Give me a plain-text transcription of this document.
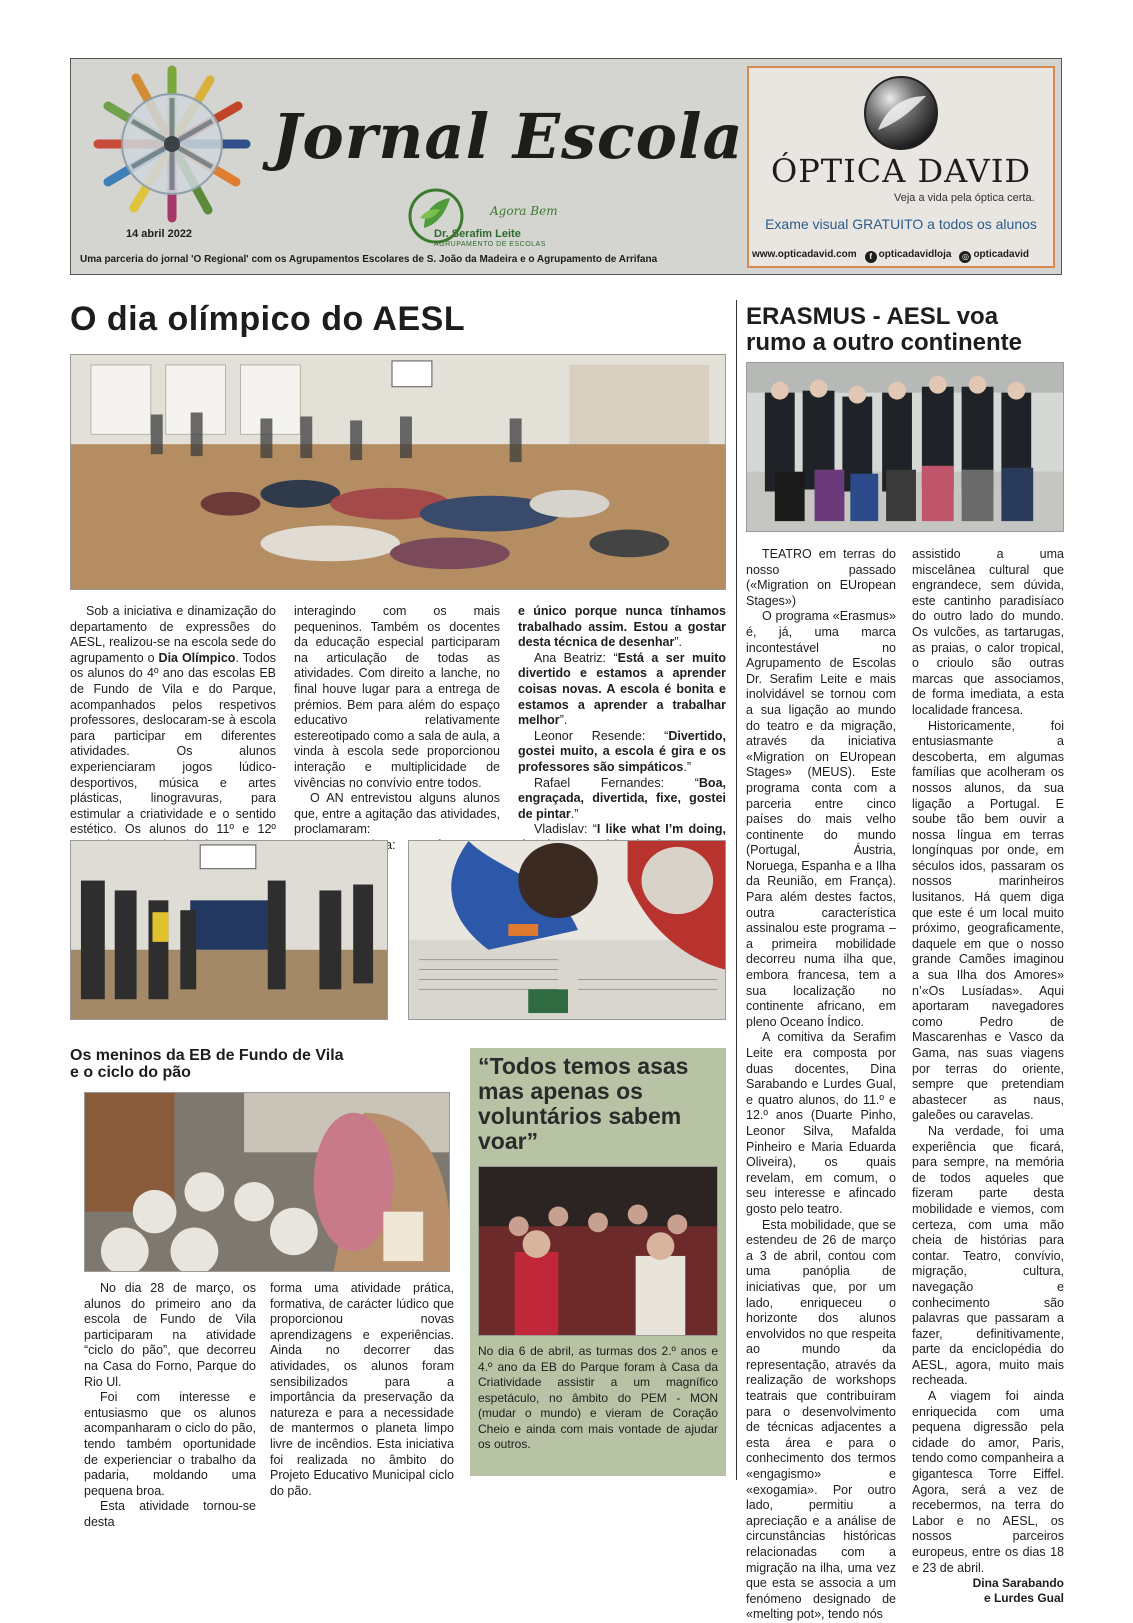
Jornal Escola
Agora Bem
Dr. Serafim Leite
AGRUPAMENTO DE ESCOLAS
14 abril 2022
Uma parceria do jornal 'O Regional' com os Agrupamentos Escolares de S. João da Madeira e o Agrupamento de Arrifana
ÓPTICA DAVID
Veja a vida pela óptica certa.
Exame visual GRATUITO a todos os alunos
www.opticadavid.com f opticadavidloja ◎ opticadavid
O dia olímpico do AESL

Sob a iniciativa e dinamização do departamento de expressões do AESL, realizou-se na escola sede do agrupamento o Dia Olímpico. Todos os alunos do 4º ano das escolas EB de Fundo de Vila e do Parque, acompanhados pelos respetivos professores, deslocaram-se à escola para participar em diferentes atividades. Os alunos experienciaram jogos lúdico-desportivos, música e artes plásticas, linogravuras, para estimular a criatividade e o sentido estético. Os alunos do 11º e 12º

interagindo com os mais pequeninos. Também os docentes da educação especial participaram na articulação de todas as atividades. Com direito a lanche, no final houve lugar para a entrega de prémios. Bem para além do espaço educativo relativamente estereotipado como a sala de aula, a vinda à escola sede proporcionou interação e multiplicidade de vivências no convívio entre todos.

O AN entrevistou alguns alunos que, entre a agitação das atividades, proclamaram:

e único porque nunca tínhamos trabalhado assim. Estou a gostar desta técnica de desenhar”.

Ana Beatriz: “Está a ser muito divertido e estamos a aprender coisas novas. A escola é bonita e estamos a aprender a trabalhar melhor”.

Leonor Resende: “Divertido, gostei muito, a escola é gira e os professores são simpáticos.”

Rafael Fernandes: “Boa, engraçada, divertida, fixe, gostei de pintar.”

Vladislav: “I like what I’m doing,

Os meninos da EB de Fundo de Vila
e o ciclo do pão

No dia 28 de março, os alunos do primeiro ano da escola de Fundo de Vila participaram na atividade “ciclo do pão”, que decorreu na Casa do Forno, Parque do Rio Ul.

Foi com interesse e entusiasmo que os alunos acompanharam o ciclo do pão, tendo também oportunidade de experienciar o trabalho da padaria, moldando uma pequena broa.

Esta atividade tornou-se desta

forma uma atividade prática, formativa, de carácter lúdico que proporcionou novas aprendizagens e experiências. Ainda no decorrer das atividades, os alunos foram sensibilizados para a importância da preservação da natureza e para a necessidade de mantermos o planeta limpo livre de incêndios. Esta iniciativa foi realizada no âmbito do Projeto Educativo Municipal ciclo do pão.

“Todos temos asas mas apenas os voluntários sabem voar”
No dia 6 de abril, as turmas dos 2.º anos e 4.º ano da EB do Parque foram à Casa da Criatividade assistir a um magnífico espetáculo, no âmbito do PEM - MON (mudar o mundo) e vieram de Coração Cheio e ainda com mais vontade de ajudar os outros.
ERASMUS - AESL voa
rumo a outro continente

TEATRO em terras do nosso passado («Migration on EUropean Stages»)

O programa «Erasmus» é, já, uma marca incontestável no Agrupamento de Escolas Dr. Serafim Leite e mais inolvidável se tornou com a sua ligação ao mundo do teatro e da migração, através da iniciativa «Migration on EUropean Stages» (MEUS). Este programa conta com a parceria entre cinco países do mais velho continente do mundo (Portugal, Áustria, Noruega, Espanha e a Ilha da Reunião, em França). Para além destes factos, outra característica assinalou este programa – a primeira mobilidade decorreu numa ilha que, embora francesa, tem a sua localização no continente africano, em pleno Oceano Índico.

A comitiva da Serafim Leite era composta por duas docentes, Dina Sarabando e Lurdes Gual, e quatro alunos, do 11.º e 12.º anos (Duarte Pinho, Leonor Silva, Mafalda Pinheiro e Maria Eduarda Oliveira), os quais revelam, em comum, o seu interesse e afincado gosto pelo teatro.

Esta mobilidade, que se estendeu de 26 de março a 3 de abril, contou com uma panóplia de iniciativas que, por um lado, enriqueceu o horizonte dos alunos envolvidos no que respeita ao mundo da representação, através da realização de workshops teatrais que contribuíram para o desenvolvimento de técnicas adjacentes a esta área e para o conhecimento dos termos «engagismo» e «exogamia». Por outro lado, permitiu a apreciação e a análise de circunstâncias históricas relacionadas com a migração na ilha, uma vez que esta se associa a um fenómeno designado de «melting pot», tendo nós

assistido a uma miscelânea cultural que engrandece, sem dúvida, este cantinho paradisíaco do outro lado do mundo. Os vulcões, as tartarugas, as praias, o calor tropical, o crioulo são outras marcas que associamos, de forma imediata, a esta localidade francesa.

Historicamente, foi entusiasmante a descoberta, em algumas famílias que acolheram os nossos alunos, da sua ligação a Portugal. E soube tão bem ouvir a nossa língua em terras longínquas por onde, em séculos idos, passaram os nossos marinheiros lusitanos. Há quem diga que este é um local muito próximo, geograficamente, daquele em que o nosso grande Camões imaginou a sua Ilha dos Amores» n’«Os Lusíadas». Aqui aportaram navegadores como Pedro de Mascarenhas e Vasco da Gama, nas suas viagens por terras do oriente, sempre que pretendiam abastecer as naus, galeões ou caravelas.

Na verdade, foi uma experiência que ficará, para sempre, na memória de todos aqueles que fizeram parte desta mobilidade e viemos, com certeza, com uma mão cheia de histórias para contar. Teatro, convívio, migração, cultura, navegação e conhecimento são palavras que passaram a fazer, definitivamente, parte da enciclopédia do AESL, agora, muito mais recheada.

A viagem foi ainda enriquecida com uma pequena digressão pela cidade do amor, Paris, tendo como companheira a gigantesca Torre Eiffel. Agora, será a vez de recebermos, na terra do Labor e no AESL, os nossos parceiros europeus, entre os dias 18 e 23 de abril.

Dina Sarabando
e Lurdes Gual
